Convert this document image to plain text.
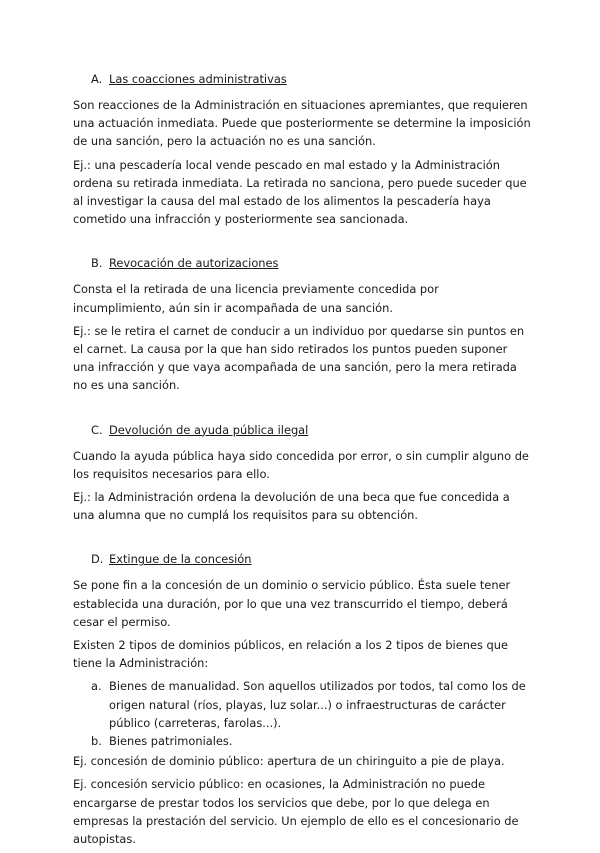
A. Las coacciones administrativas

Son reacciones de la Administración en situaciones apremiantes, que requieren una actuación inmediata. Puede que posteriormente se determine la imposición de una sanción, pero la actuación no es una sanción.

Ej.: una pescadería local vende pescado en mal estado y la Administración ordena su retirada inmediata. La retirada no sanciona, pero puede suceder que al investigar la causa del mal estado de los alimentos la pescadería haya cometido una infracción y posteriormente sea sancionada.

B. Revocación de autorizaciones

Consta el la retirada de una licencia previamente concedida por incumplimiento, aún sin ir acompañada de una sanción.

Ej.: se le retira el carnet de conducir a un individuo por quedarse sin puntos en el carnet. La causa por la que han sido retirados los puntos pueden suponer una infracción y que vaya acompañada de una sanción, pero la mera retirada no es una sanción.

C. Devolución de ayuda pública ilegal

Cuando la ayuda pública haya sido concedida por error, o sin cumplir alguno de los requisitos necesarios para ello.

Ej.: la Administración ordena la devolución de una beca que fue concedida a una alumna que no cumplá los requisitos para su obtención.

D. Extingue de la concesión

Se pone fin a la concesión de un dominio o servicio público. Ésta suele tener establecida una duración, por lo que una vez transcurrido el tiempo, deberá cesar el permiso.

Existen 2 tipos de dominios públicos, en relación a los 2 tipos de bienes que tiene la Administración:

a. Bienes de manualidad. Son aquellos utilizados por todos, tal como los de origen natural (ríos, playas, luz solar...) o infraestructuras de carácter público (carreteras, farolas...).
b. Bienes patrimoniales.

Ej. concesión de dominio público: apertura de un chiringuito a pie de playa.

Ej. concesión servicio público: en ocasiones, la Administración no puede encargarse de prestar todos los servicios que debe, por lo que delega en empresas la prestación del servicio. Un ejemplo de ello es el concesionario de autopistas.
